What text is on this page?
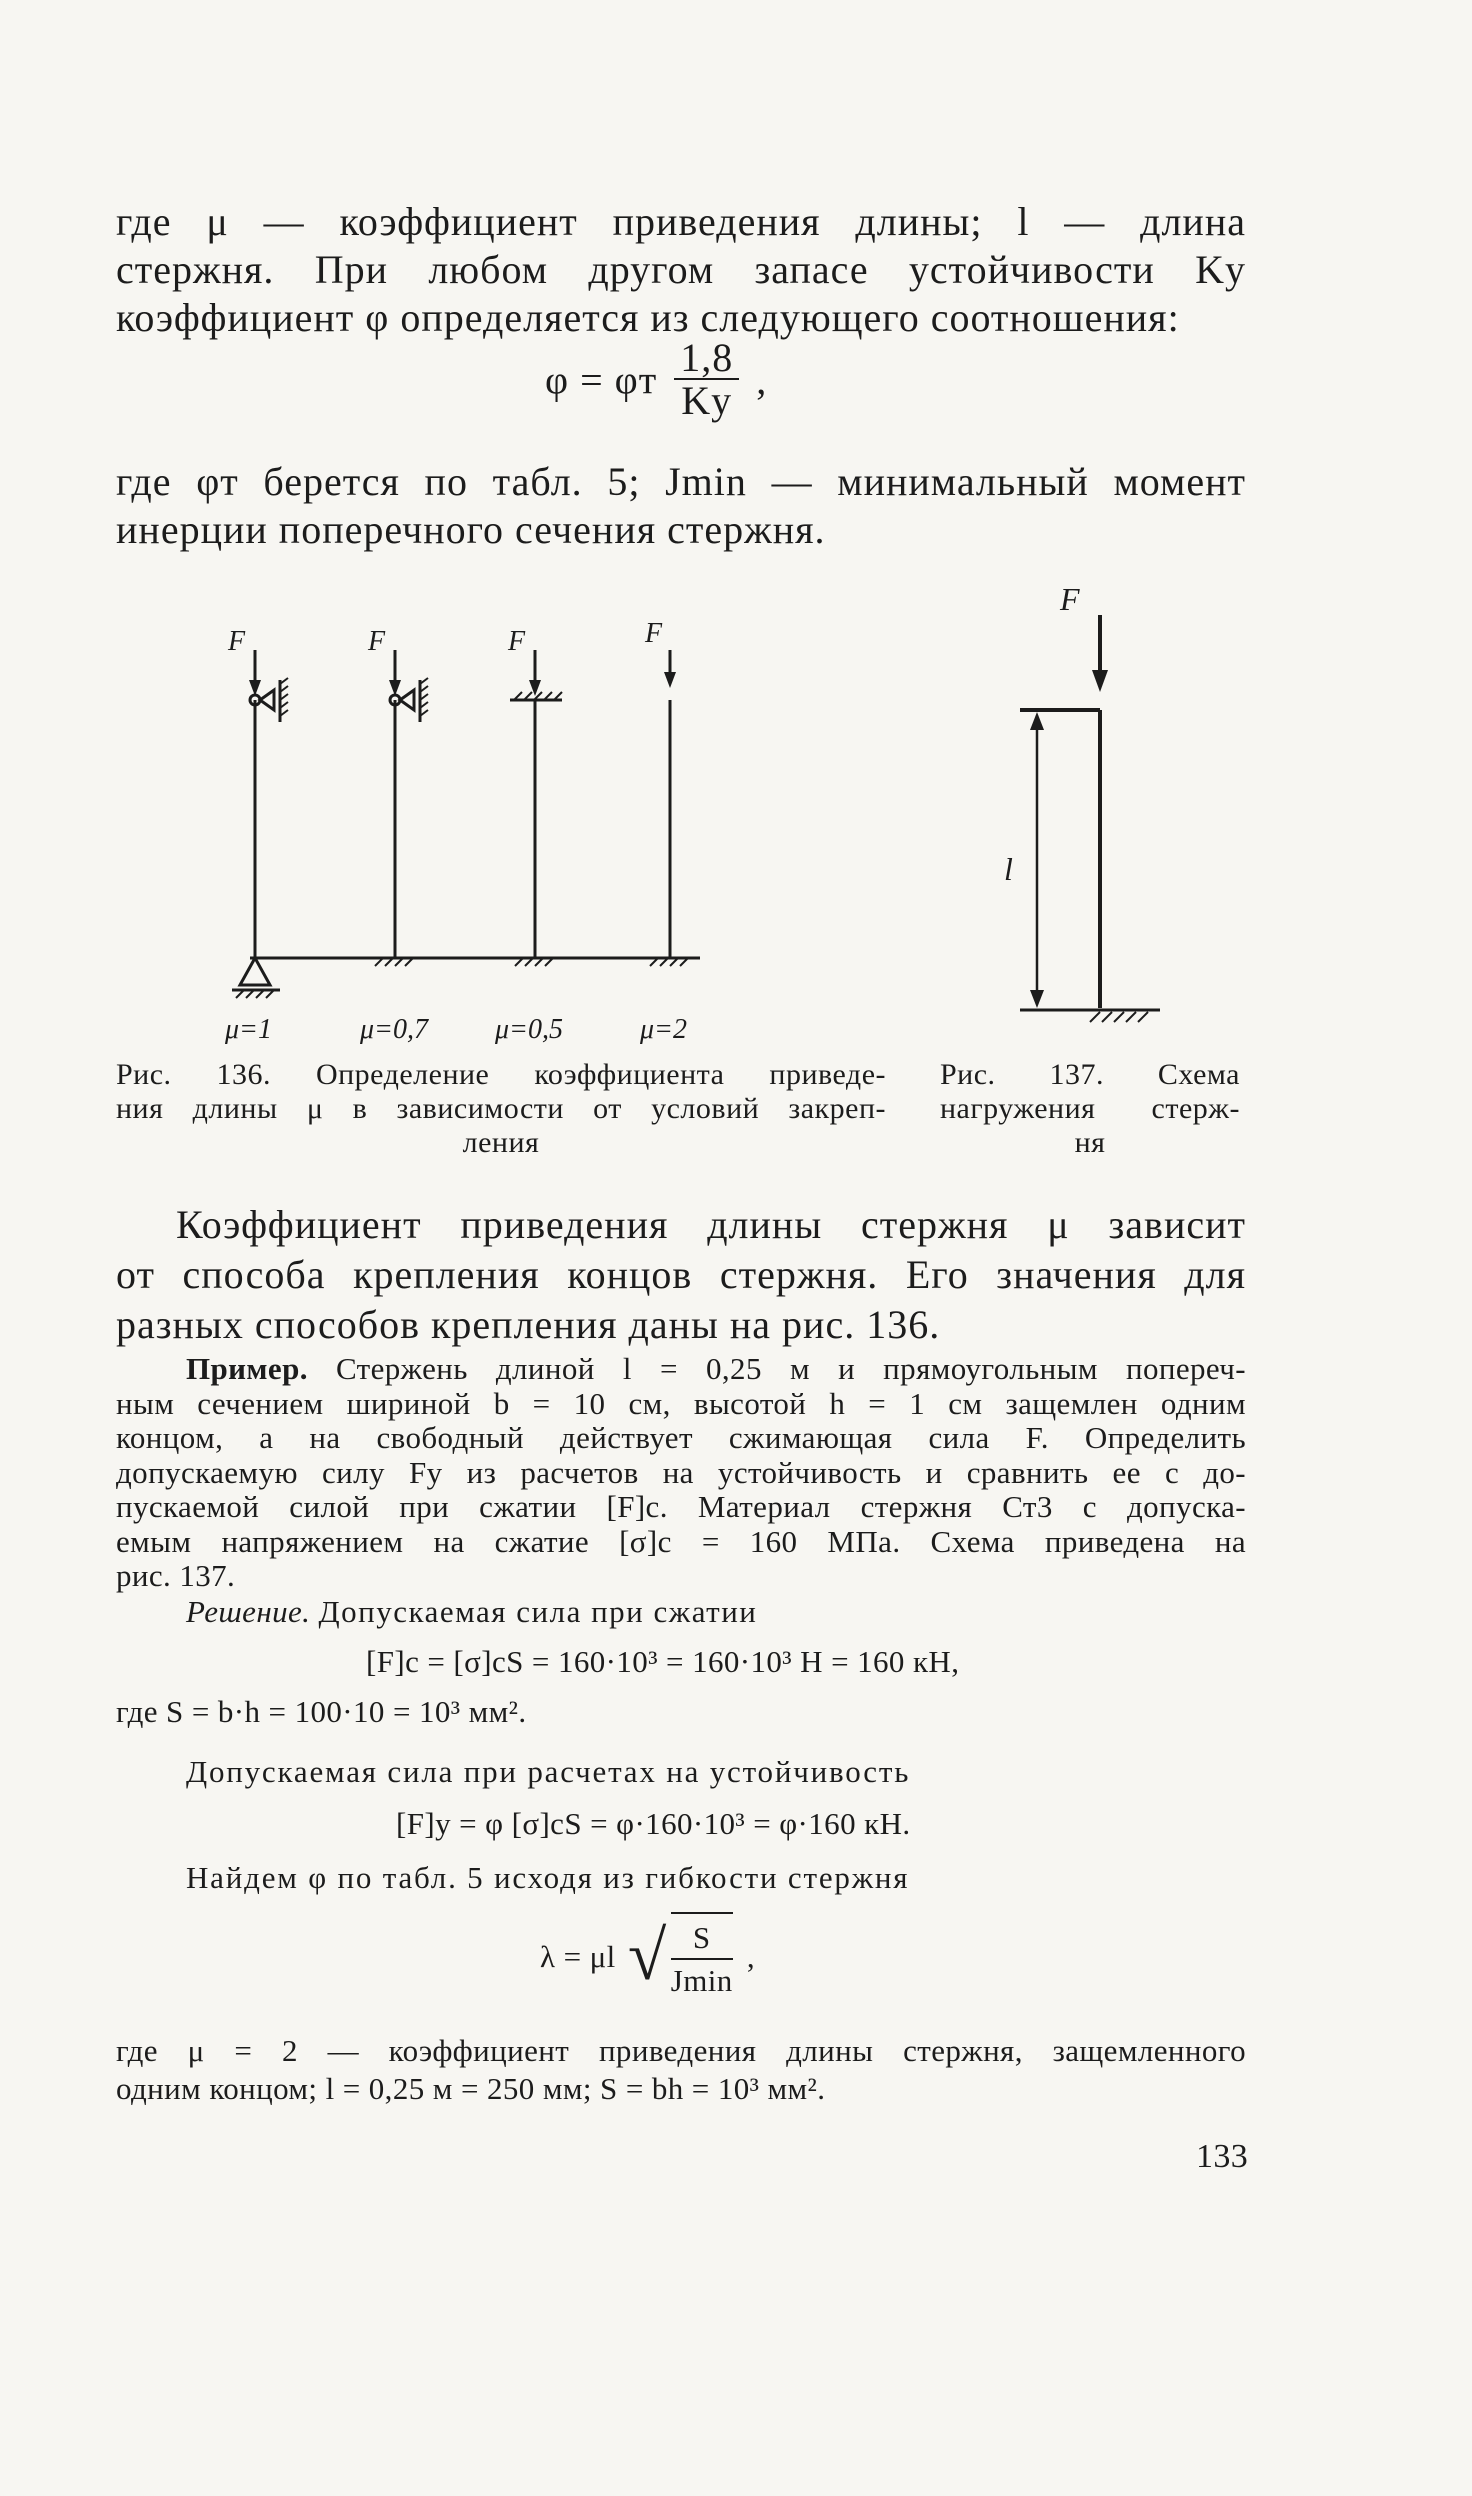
где μ — коэффициент приведения длины; l — длина
стержня. При любом другом запасе устойчивости Kу
коэффициент φ определяется из следующего соотношения:
φ = φт $\frac{1,8}{Kу}$ ,
где φт берется по табл. 5; Jmin — минимальный момент
инерции поперечного сечения стержня.
F	F	F	F
μ=1	μ=0,7 μ=0,5	μ=2
F
l
Рис. 136. Определение коэффициента приведе-
ния длины μ в зависимости от условий закреп-
ления
Рис. 137. Схема
нагружения стерж-
ня
Коэффициент приведения длины стержня μ зависит
от способа крепления концов стержня. Его значения для
разных способов крепления даны на рис. 136.
Пример. Стержень длиной l = 0,25 м и прямоугольным попереч-
ным сечением шириной b = 10 см, высотой h = 1 см защемлен одним
концом, а на свободный действует сжимающая сила F. Определить
допускаемую силу Fу из расчетов на устойчивость и сравнить ее с до-
пускаемой силой при сжатии [F]с. Материал стержня Ст3 с допуска-
емым напряжением на сжатие [σ]с = 160 МПа. Схема приведена на
рис. 137.
Решение. Допускаемая сила при сжатии
[F]с = [σ]сS = 160·10³ = 160·10³ Н = 160 кН,
где S = b·h = 100·10 = 10³ мм².
Допускаемая сила при расчетах на устойчивость
[F]у = φ [σ]сS = φ·160·10³ = φ·160 кН.
Найдем φ по табл. 5 исходя из гибкости стержня
λ = μl √ $\frac{S}{Jmin}$ ,
где μ = 2 — коэффициент приведения длины стержня, защемленного
одним концом; l = 0,25 м = 250 мм; S = bh = 10³ мм².
133
